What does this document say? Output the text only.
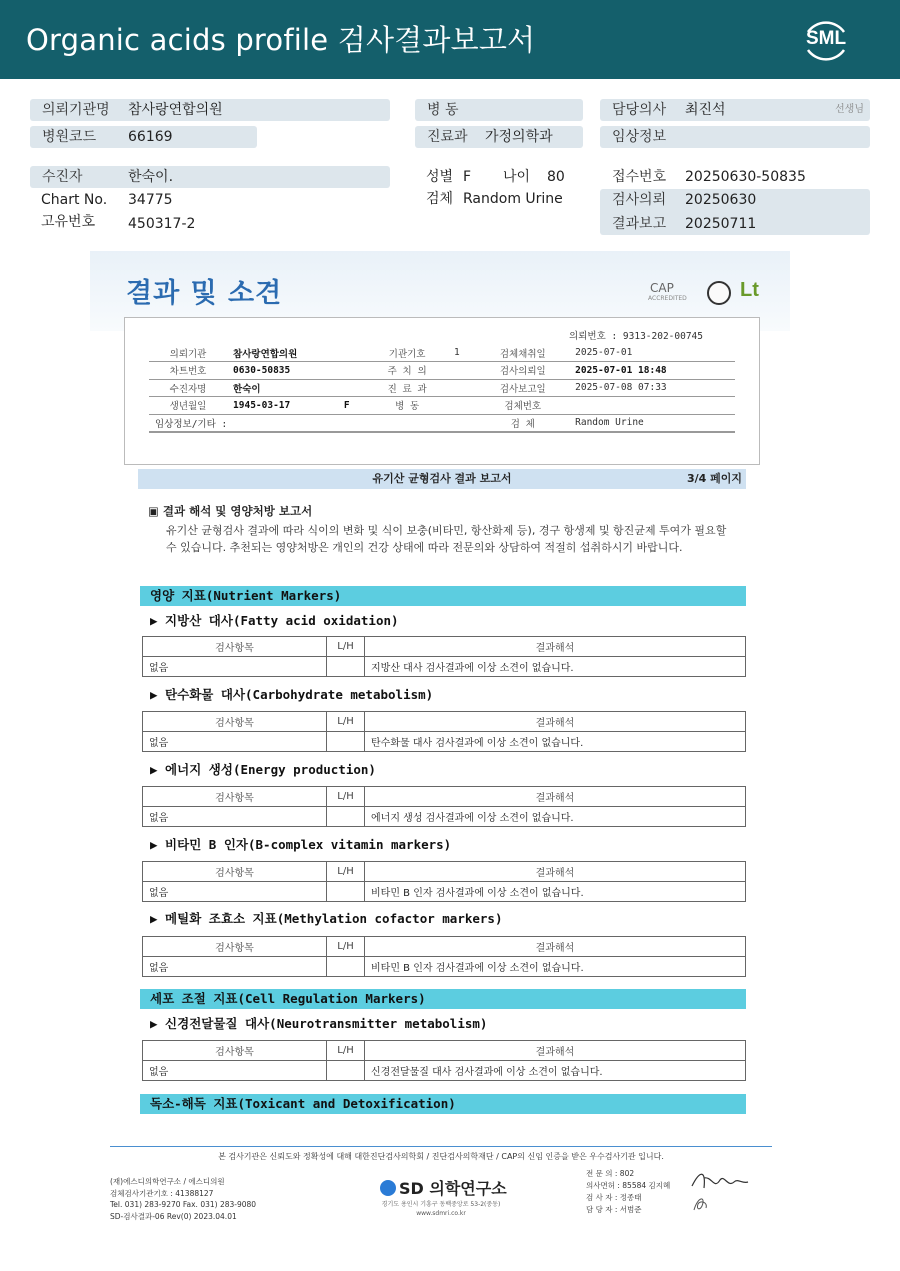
Organic acids profile 검사결과보고서	SML
의뢰기관명 참사랑연합의원	병 동	담당의사 최진석	선생님
병원코드 66169	진료과 가정의학과	임상정보
수진자	한숙이.
Chart No. 34775
고유번호 450317-2
성별 F 나이 80
검체 Random Urine
접수번호 20250630-50835
검사의뢰 20250630
결과보고 20250711
결과 및 소견	CAP
ACCREDITED	Lt
의뢰번호 : 9313-202-00745
의뢰기관	참사랑연합의원		기관기호	1	검체채취일	2025-07-01
차트번호	0630-50835		주 치 의		검사의뢰일	2025-07-01 18:48
수진자명	한숙이		진 료 과		검사보고일	2025-07-08 07:33
생년월일	1945-03-17	F	병 동		검체번호	
임상정보/기타 :					검 체	Random Urine
유기산 균형검사 결과 보고서	3/4 페이지
▣ 결과 해석 및 영양처방 보고서
유기산 균형검사 결과에 따라 식이의 변화 및 식이 보충(비타민, 항산화제 등), 경구 항생제 및 항진균제 투여가 필요할 수 있습니다. 추천되는 영양처방은 개인의 건강 상태에 따라 전문의와 상담하여 적절히 섭취하시기 바랍니다.
영양 지표(Nutrient Markers)
▶ 지방산 대사(Fatty acid oxidation)
검사항목	L/H	결과해석
없음		지방산 대사 검사결과에 이상 소견이 없습니다.
▶ 탄수화물 대사(Carbohydrate metabolism)
검사항목	L/H	결과해석
없음		탄수화물 대사 검사결과에 이상 소견이 없습니다.
▶ 에너지 생성(Energy production)
검사항목	L/H	결과해석
없음		에너지 생성 검사결과에 이상 소견이 없습니다.
▶ 비타민 B 인자(B-complex vitamin markers)
검사항목	L/H	결과해석
없음		비타민 B 인자 검사결과에 이상 소견이 없습니다.
▶ 메틸화 조효소 지표(Methylation cofactor markers)
검사항목	L/H	결과해석
없음		비타민 B 인자 검사결과에 이상 소견이 없습니다.
세포 조절 지표(Cell Regulation Markers)
▶ 신경전달물질 대사(Neurotransmitter metabolism)
검사항목	L/H	결과해석
없음		신경전달물질 대사 검사결과에 이상 소견이 없습니다.
독소-해독 지표(Toxicant and Detoxification)
본 검사기관은 신뢰도와 정확성에 대해 대한진단검사의학회 / 진단검사의학재단 / CAP의 신임 인증을 받은 우수검사기관 입니다.
(재)에스디의학연구소 / 에스디의원
검체검사기관기호 : 41388127
Tel. 031) 283-9270 Fax. 031) 283-9080
SD-검사결과-06 Rev(0) 2023.04.01
SD 의학연구소
경기도 용인시 기흥구 동백중앙로 53-2(중동)
www.sdmri.co.kr
전 문 의 : 802
의사면허 : 85584 김지혜
검 사 자 : 정종태
담 당 자 : 서범준
